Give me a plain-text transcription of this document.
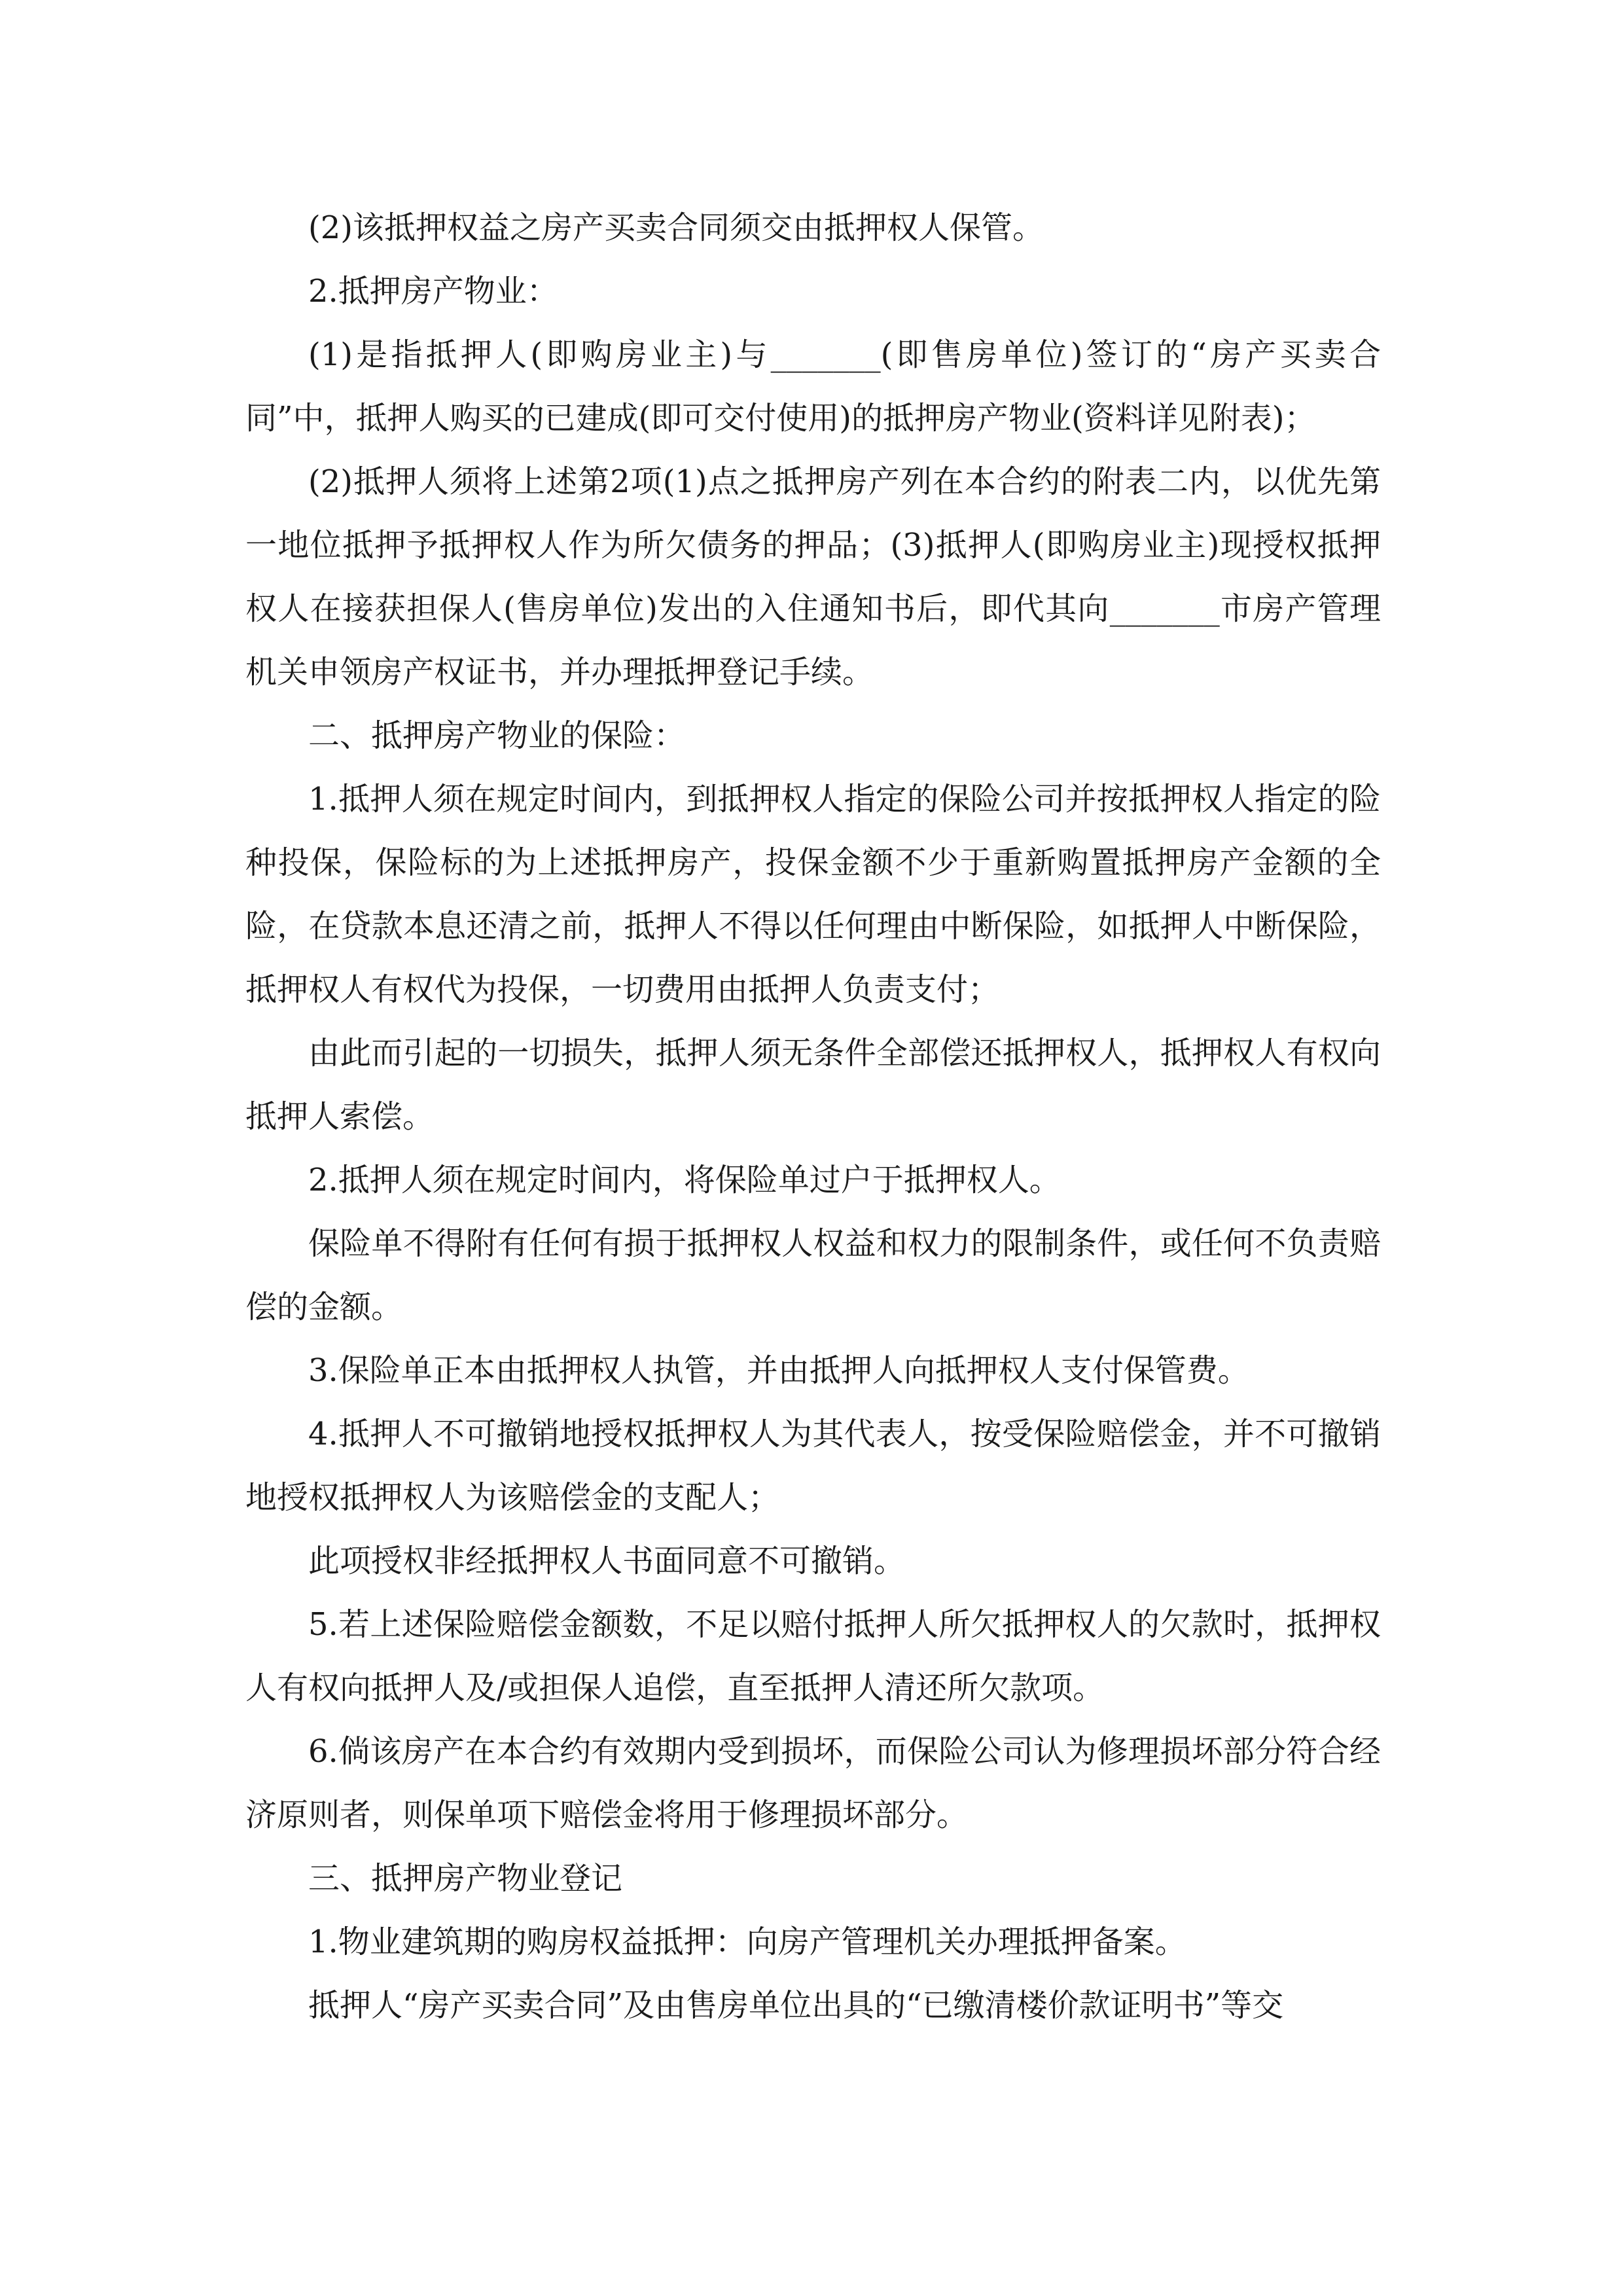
(2)该抵押权益之房产买卖合同须交由抵押权人保管。

2.抵押房产物业：

(1)是指抵押人(即购房业主)与_______(即售房单位)签订的“房产买卖合同”中，抵押人购买的已建成(即可交付使用)的抵押房产物业(资料详见附表)；

(2)抵押人须将上述第2项(1)点之抵押房产列在本合约的附表二内，以优先第一地位抵押予抵押权人作为所欠债务的押品；(3)抵押人(即购房业主)现授权抵押权人在接获担保人(售房单位)发出的入住通知书后，即代其向_______市房产管理机关申领房产权证书，并办理抵押登记手续。

二、抵押房产物业的保险：

1.抵押人须在规定时间内，到抵押权人指定的保险公司并按抵押权人指定的险种投保，保险标的为上述抵押房产，投保金额不少于重新购置抵押房产金额的全险，在贷款本息还清之前，抵押人不得以任何理由中断保险，如抵押人中断保险，抵押权人有权代为投保，一切费用由抵押人负责支付；

由此而引起的一切损失，抵押人须无条件全部偿还抵押权人，抵押权人有权向抵押人索偿。

2.抵押人须在规定时间内，将保险单过户于抵押权人。

保险单不得附有任何有损于抵押权人权益和权力的限制条件，或任何不负责赔偿的金额。

3.保险单正本由抵押权人执管，并由抵押人向抵押权人支付保管费。

4.抵押人不可撤销地授权抵押权人为其代表人，按受保险赔偿金，并不可撤销地授权抵押权人为该赔偿金的支配人；

此项授权非经抵押权人书面同意不可撤销。

5.若上述保险赔偿金额数，不足以赔付抵押人所欠抵押权人的欠款时，抵押权人有权向抵押人及/或担保人追偿，直至抵押人清还所欠款项。

6.倘该房产在本合约有效期内受到损坏，而保险公司认为修理损坏部分符合经济原则者，则保单项下赔偿金将用于修理损坏部分。

三、抵押房产物业登记

1.物业建筑期的购房权益抵押：向房产管理机关办理抵押备案。

抵押人“房产买卖合同”及由售房单位出具的“已缴清楼价款证明书”等交
